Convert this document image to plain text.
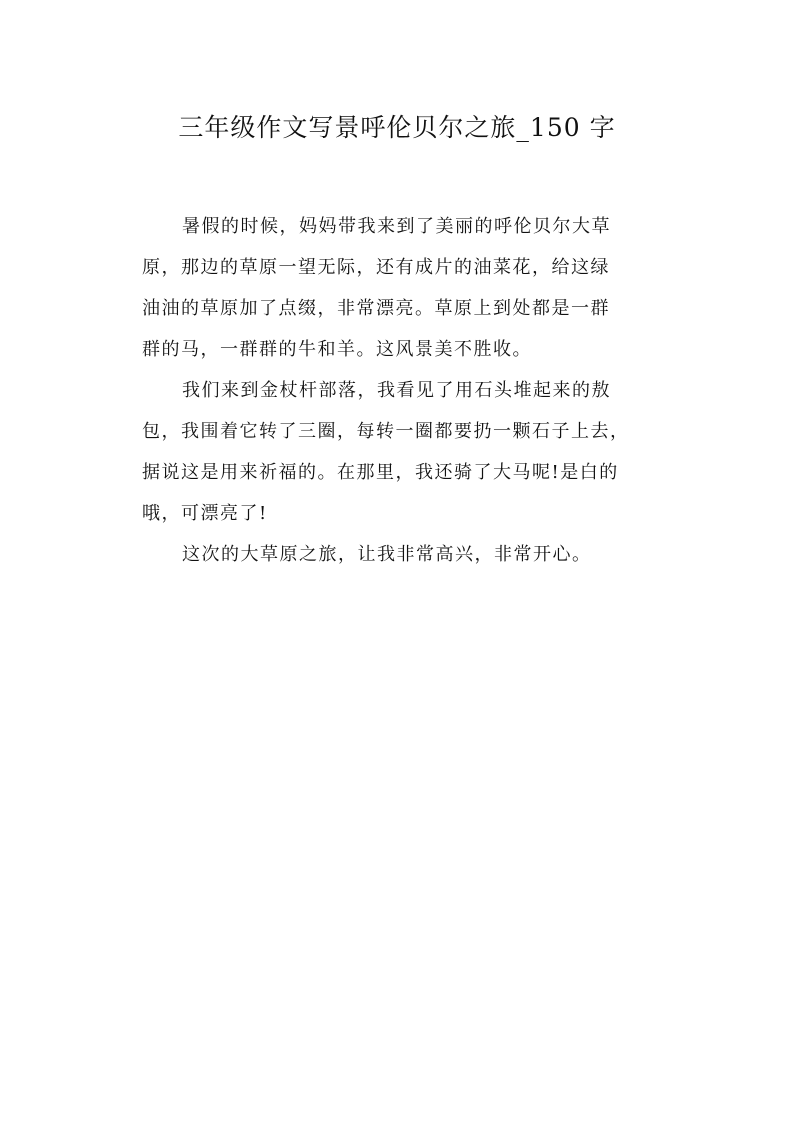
三年级作文写景呼伦贝尔之旅_150 字

暑假的时候，妈妈带我来到了美丽的呼伦贝尔大草
原，那边的草原一望无际，还有成片的油菜花，给这绿
油油的草原加了点缀，非常漂亮。草原上到处都是一群
群的马，一群群的牛和羊。这风景美不胜收。

我们来到金杖杆部落，我看见了用石头堆起来的敖
包，我围着它转了三圈，每转一圈都要扔一颗石子上去，
据说这是用来祈福的。在那里，我还骑了大马呢!是白的
哦，可漂亮了!

这次的大草原之旅，让我非常高兴，非常开心。
